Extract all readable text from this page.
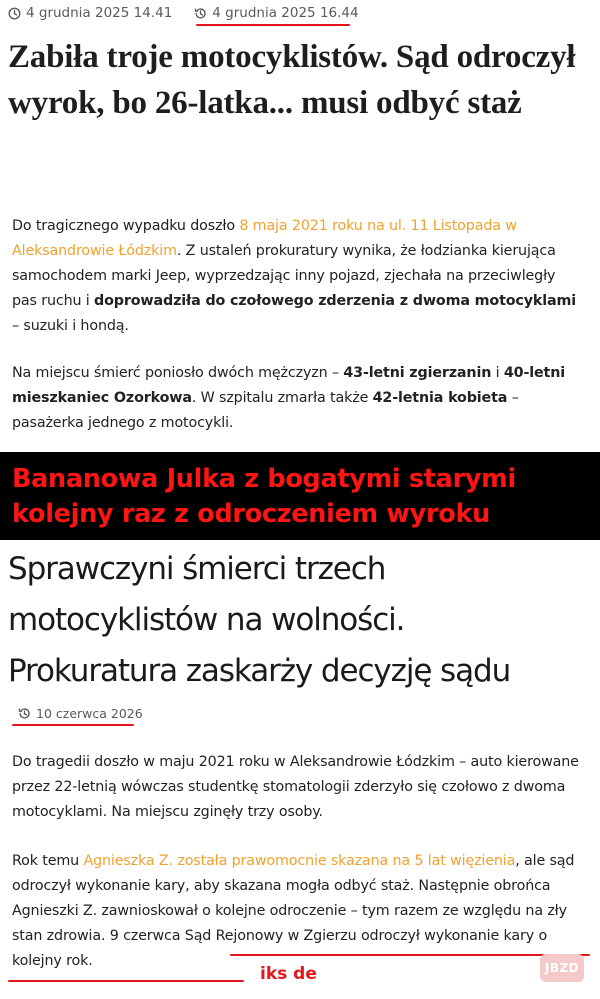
4 grudnia 2025 14.41	4 grudnia 2025 16.44
Zabiła troje motocyklistów. Sąd odroczył wyrok, bo 26-latka... musi odbyć staż

Do tragicznego wypadku doszło 8 maja 2021 roku na ul. 11 Listopada w Aleksandrowie Łódzkim. Z ustaleń prokuratury wynika, że łodzianka kierująca samochodem marki Jeep, wyprzedzając inny pojazd, zjechała na przeciwległy pas ruchu i doprowadziła do czołowego zderzenia z dwoma motocyklami – suzuki i hondą.

Na miejscu śmierć poniosło dwóch mężczyzn – 43-letni zgierzanin i 40-letni mieszkaniec Ozorkowa. W szpitalu zmarła także 42-letnia kobieta – pasażerka jednego z motocykli.

Bananowa Julka z bogatymi starymi
kolejny raz z odroczeniem wyroku
Sprawczyni śmierci trzech
motocyklistów na wolności.
Prokuratura zaskarży decyzję sądu
10 czerwca 2026

Do tragedii doszło w maju 2021 roku w Aleksandrowie Łódzkim – auto kierowane przez 22-letnią wówczas studentkę stomatologii zderzyło się czołowo z dwoma motocyklami. Na miejscu zginęły trzy osoby.

Rok temu Agnieszka Z. została prawomocnie skazana na 5 lat więzienia, ale sąd odroczył wykonanie kary, aby skazana mogła odbyć staż. Następnie obrońca Agnieszki Z. zawnioskował o kolejne odroczenie – tym razem ze względu na zły stan zdrowia. 9 czerwca Sąd Rejonowy w Zgierzu odroczył wykonanie kary o kolejny rok.

iks de	JBZD
